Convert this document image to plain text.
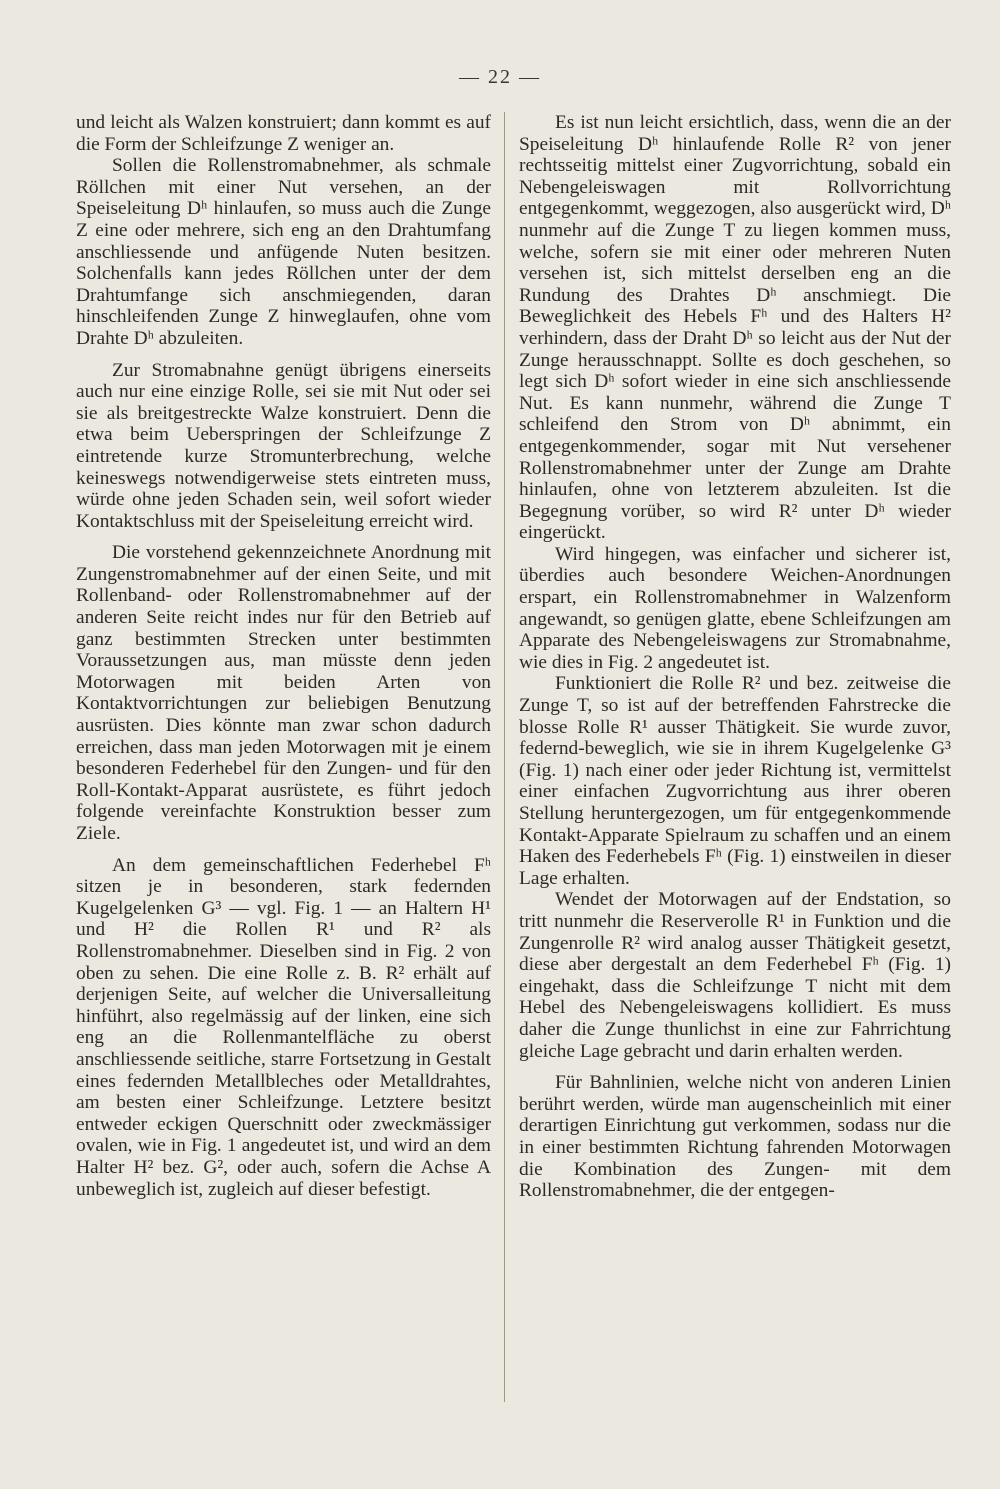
— 22 —

und leicht als Walzen konstruiert; dann kommt es auf die Form der Schleifzunge Z weniger an.

Sollen die Rollenstromabnehmer, als schmale Röllchen mit einer Nut versehen, an der Speiseleitung Dʰ hinlaufen, so muss auch die Zunge Z eine oder mehrere, sich eng an den Drahtumfang anschliessende und anfügende Nuten besitzen. Solchenfalls kann jedes Röllchen unter der dem Drahtumfange sich anschmiegenden, daran hinschleifenden Zunge Z hinweglaufen, ohne vom Drahte Dʰ abzuleiten.

Zur Stromabnahne genügt übrigens einerseits auch nur eine einzige Rolle, sei sie mit Nut oder sei sie als breitgestreckte Walze konstruiert. Denn die etwa beim Ueberspringen der Schleifzunge Z eintretende kurze Stromunterbrechung, welche keineswegs notwendigerweise stets eintreten muss, würde ohne jeden Schaden sein, weil sofort wieder Kontaktschluss mit der Speiseleitung erreicht wird.

Die vorstehend gekennzeichnete Anordnung mit Zungenstromabnehmer auf der einen Seite, und mit Rollenband- oder Rollenstromabnehmer auf der anderen Seite reicht indes nur für den Betrieb auf ganz bestimmten Strecken unter bestimmten Voraussetzungen aus, man müsste denn jeden Motorwagen mit beiden Arten von Kontaktvorrichtungen zur beliebigen Benutzung ausrüsten. Dies könnte man zwar schon dadurch erreichen, dass man jeden Motorwagen mit je einem besonderen Federhebel für den Zungen- und für den Roll-Kontakt-Apparat ausrüstete, es führt jedoch folgende vereinfachte Konstruktion besser zum Ziele.

An dem gemeinschaftlichen Federhebel Fʰ sitzen je in besonderen, stark federnden Kugelgelenken G³ — vgl. Fig. 1 — an Haltern H¹ und H² die Rollen R¹ und R² als Rollenstromabnehmer. Dieselben sind in Fig. 2 von oben zu sehen. Die eine Rolle z. B. R² erhält auf derjenigen Seite, auf welcher die Universalleitung hinführt, also regelmässig auf der linken, eine sich eng an die Rollenmantelfläche zu oberst anschliessende seitliche, starre Fortsetzung in Gestalt eines federnden Metallbleches oder Metalldrahtes, am besten einer Schleifzunge. Letztere besitzt entweder eckigen Querschnitt oder zweckmässiger ovalen, wie in Fig. 1 angedeutet ist, und wird an dem Halter H² bez. G², oder auch, sofern die Achse A unbeweglich ist, zugleich auf dieser befestigt.

Es ist nun leicht ersichtlich, dass, wenn die an der Speiseleitung Dʰ hinlaufende Rolle R² von jener rechtsseitig mittelst einer Zugvorrichtung, sobald ein Nebengeleiswagen mit Rollvorrichtung entgegenkommt, weggezogen, also ausgerückt wird, Dʰ nunmehr auf die Zunge T zu liegen kommen muss, welche, sofern sie mit einer oder mehreren Nuten versehen ist, sich mittelst derselben eng an die Rundung des Drahtes Dʰ anschmiegt. Die Beweglichkeit des Hebels Fʰ und des Halters H² verhindern, dass der Draht Dʰ so leicht aus der Nut der Zunge herausschnappt. Sollte es doch geschehen, so legt sich Dʰ sofort wieder in eine sich anschliessende Nut. Es kann nunmehr, während die Zunge T schleifend den Strom von Dʰ abnimmt, ein entgegenkommender, sogar mit Nut versehener Rollenstromabnehmer unter der Zunge am Drahte hinlaufen, ohne von letzterem abzuleiten. Ist die Begegnung vorüber, so wird R² unter Dʰ wieder eingerückt.

Wird hingegen, was einfacher und sicherer ist, überdies auch besondere Weichen-Anordnungen erspart, ein Rollenstromabnehmer in Walzenform angewandt, so genügen glatte, ebene Schleifzungen am Apparate des Nebengeleiswagens zur Stromabnahme, wie dies in Fig. 2 angedeutet ist.

Funktioniert die Rolle R² und bez. zeitweise die Zunge T, so ist auf der betreffenden Fahrstrecke die blosse Rolle R¹ ausser Thätigkeit. Sie wurde zuvor, federnd-beweglich, wie sie in ihrem Kugelgelenke G³ (Fig. 1) nach einer oder jeder Richtung ist, vermittelst einer einfachen Zugvorrichtung aus ihrer oberen Stellung heruntergezogen, um für entgegenkommende Kontakt-Apparate Spielraum zu schaffen und an einem Haken des Federhebels Fʰ (Fig. 1) einstweilen in dieser Lage erhalten.

Wendet der Motorwagen auf der Endstation, so tritt nunmehr die Reserverolle R¹ in Funktion und die Zungenrolle R² wird analog ausser Thätigkeit gesetzt, diese aber dergestalt an dem Federhebel Fʰ (Fig. 1) eingehakt, dass die Schleifzunge T nicht mit dem Hebel des Nebengeleiswagens kollidiert. Es muss daher die Zunge thunlichst in eine zur Fahrrichtung gleiche Lage gebracht und darin erhalten werden.

Für Bahnlinien, welche nicht von anderen Linien berührt werden, würde man augenscheinlich mit einer derartigen Einrichtung gut verkommen, sodass nur die in einer bestimmten Richtung fahrenden Motorwagen die Kombination des Zungen- mit dem Rollenstromabnehmer, die der entgegen-
